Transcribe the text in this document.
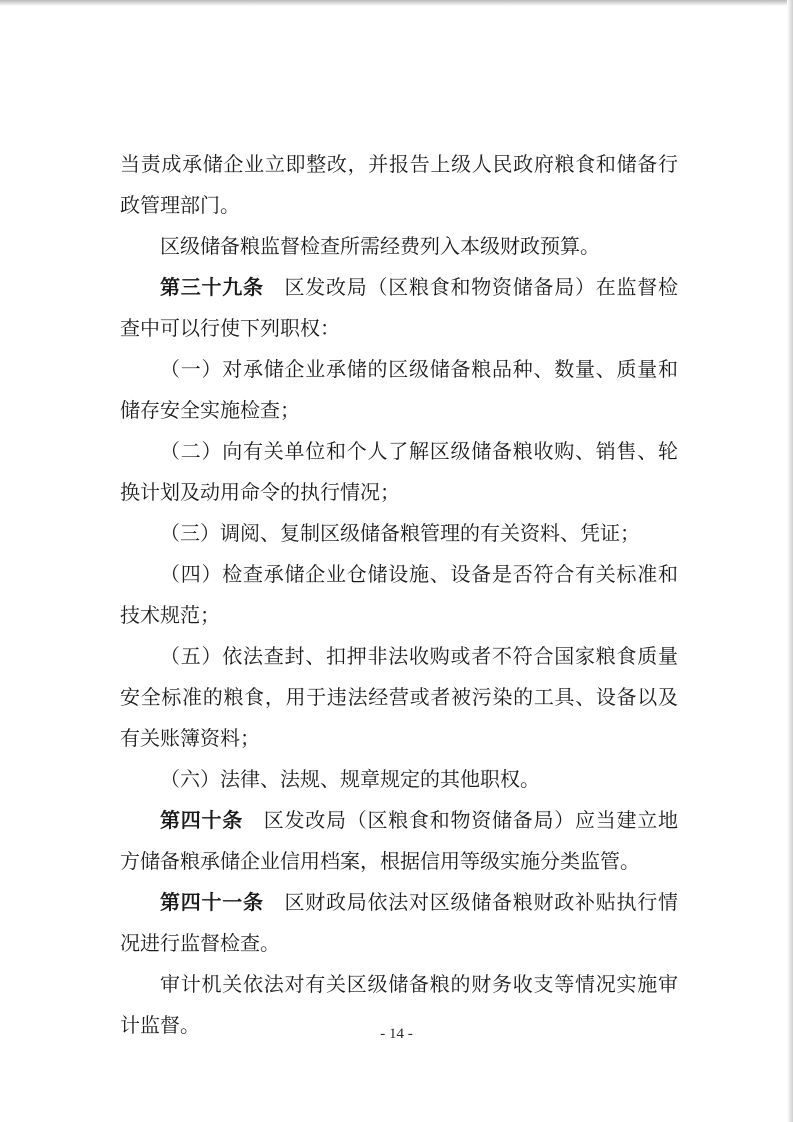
当责成承储企业立即整改，并报告上级人民政府粮食和储备行政管理部门。

区级储备粮监督检查所需经费列入本级财政预算。

第三十九条　区发改局（区粮食和物资储备局）在监督检查中可以行使下列职权：

（一）对承储企业承储的区级储备粮品种、数量、质量和储存安全实施检查；

（二）向有关单位和个人了解区级储备粮收购、销售、轮换计划及动用命令的执行情况；

（三）调阅、复制区级储备粮管理的有关资料、凭证；

（四）检查承储企业仓储设施、设备是否符合有关标准和技术规范；

（五）依法查封、扣押非法收购或者不符合国家粮食质量安全标准的粮食，用于违法经营或者被污染的工具、设备以及有关账簿资料；

（六）法律、法规、规章规定的其他职权。

第四十条　区发改局（区粮食和物资储备局）应当建立地方储备粮承储企业信用档案，根据信用等级实施分类监管。

第四十一条　区财政局依法对区级储备粮财政补贴执行情况进行监督检查。

审计机关依法对有关区级储备粮的财务收支等情况实施审计监督。	- 14 -
